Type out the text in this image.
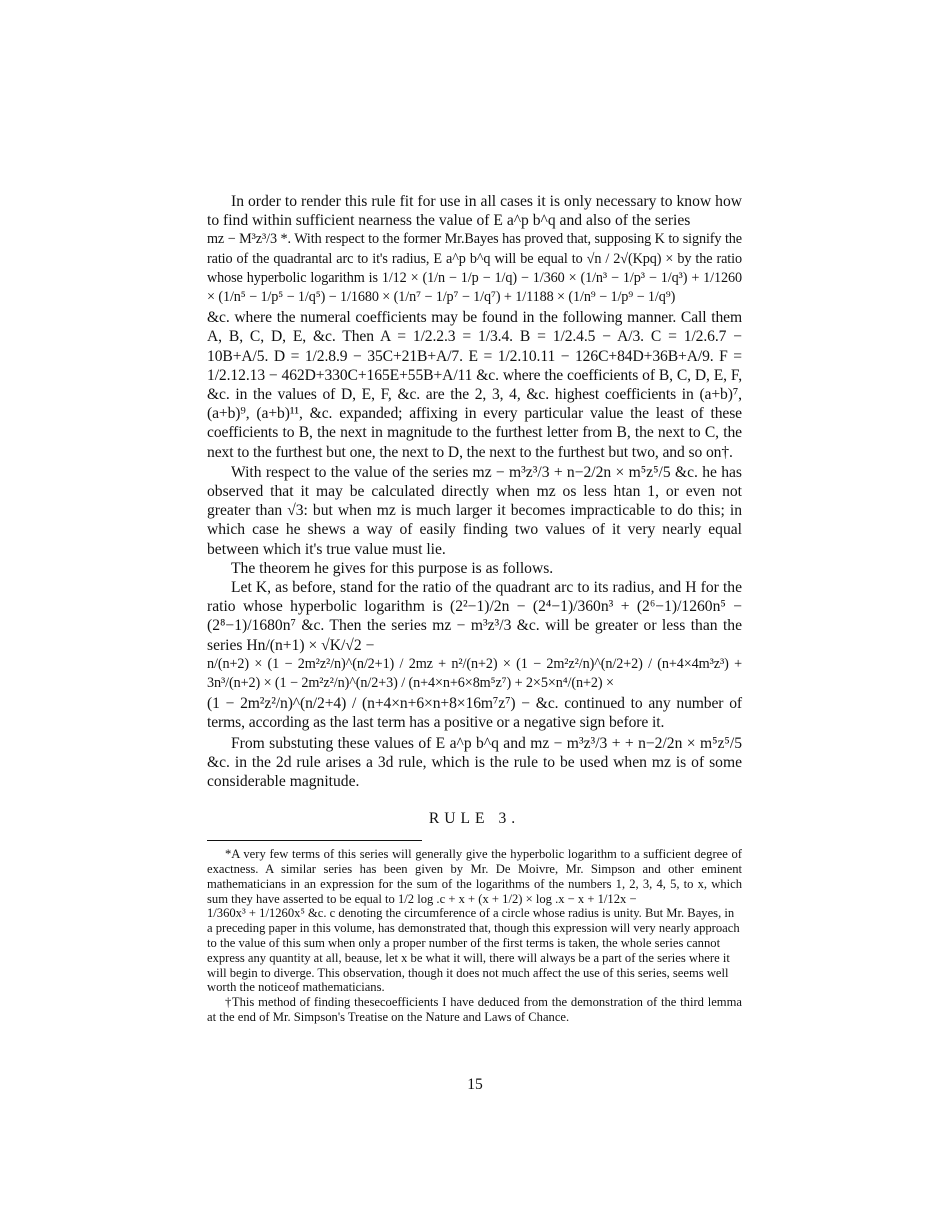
In order to render this rule fit for use in all cases it is only necessary to know how to find within sufficient nearness the value of E a^p b^q and also of the series

mz − M³z³/3 *. With respect to the former Mr.Bayes has proved that, supposing K to signify the ratio of the quadrantal arc to it's radius, E a^p b^q will be equal to √n / 2√(Kpq) × by the ratio whose hyperbolic logarithm is 1/12 × (1/n − 1/p − 1/q) − 1/360 × (1/n³ − 1/p³ − 1/q³) + 1/1260 × (1/n⁵ − 1/p⁵ − 1/q⁵) − 1/1680 × (1/n⁷ − 1/p⁷ − 1/q⁷) + 1/1188 × (1/n⁹ − 1/p⁹ − 1/q⁹)

&c. where the numeral coefficients may be found in the following manner. Call them A, B, C, D, E, &c. Then A = 1/2.2.3 = 1/3.4. B = 1/2.4.5 − A/3. C = 1/2.6.7 − 10B+A/5. D = 1/2.8.9 − 35C+21B+A/7. E = 1/2.10.11 − 126C+84D+36B+A/9. F = 1/2.12.13 − 462D+330C+165E+55B+A/11 &c. where the coefficients of B, C, D, E, F, &c. in the values of D, E, F, &c. are the 2, 3, 4, &c. highest coefficients in (a+b)⁷, (a+b)⁹, (a+b)¹¹, &c. expanded; affixing in every particular value the least of these coefficients to B, the next in magnitude to the furthest letter from B, the next to C, the next to the furthest but one, the next to D, the next to the furthest but two, and so on†.

With respect to the value of the series mz − m³z³/3 + n−2/2n × m⁵z⁵/5 &c. he has observed that it may be calculated directly when mz os less htan 1, or even not greater than √3: but when mz is much larger it becomes impracticable to do this; in which case he shews a way of easily finding two values of it very nearly equal between which it's true value must lie.

The theorem he gives for this purpose is as follows.

Let K, as before, stand for the ratio of the quadrant arc to its radius, and H for the ratio whose hyperbolic logarithm is (2²−1)/2n − (2⁴−1)/360n³ + (2⁶−1)/1260n⁵ − (2⁸−1)/1680n⁷ &c. Then the series mz − m³z³/3 &c. will be greater or less than the series Hn/(n+1) × √K/√2 −

n/(n+2) × (1 − 2m²z²/n)^(n/2+1) / 2mz + n²/(n+2) × (1 − 2m²z²/n)^(n/2+2) / (n+4×4m³z³) + 3n³/(n+2) × (1 − 2m²z²/n)^(n/2+3) / (n+4×n+6×8m⁵z⁷) + 2×5×n⁴/(n+2) ×

(1 − 2m²z²/n)^(n/2+4) / (n+4×n+6×n+8×16m⁷z⁷) − &c. continued to any number of terms, according as the last term has a positive or a negative sign before it.

From substuting these values of E a^p b^q and mz − m³z³/3 + + n−2/2n × m⁵z⁵/5 &c. in the 2d rule arises a 3d rule, which is the rule to be used when mz is of some considerable magnitude.

RULE 3.

*A very few terms of this series will generally give the hyperbolic logarithm to a sufficient degree of exactness. A similar series has been given by Mr. De Moivre, Mr. Simpson and other eminent mathematicians in an expression for the sum of the logarithms of the numbers 1, 2, 3, 4, 5, to x, which sum they have asserted to be equal to 1/2 log .c + x + (x + 1/2) × log .x − x + 1/12x −

1/360x³ + 1/1260x⁵ &c. c denoting the circumference of a circle whose radius is unity. But Mr. Bayes, in a preceding paper in this volume, has demonstrated that, though this expression will very nearly approach to the value of this sum when only a proper number of the first terms is taken, the whole series cannot express any quantity at all, beause, let x be what it will, there will always be a part of the series where it will begin to diverge. This observation, though it does not much affect the use of this series, seems well worth the noticeof mathematicians.

†This method of finding thesecoefficients I have deduced from the demonstration of the third lemma at the end of Mr. Simpson's Treatise on the Nature and Laws of Chance.

15
